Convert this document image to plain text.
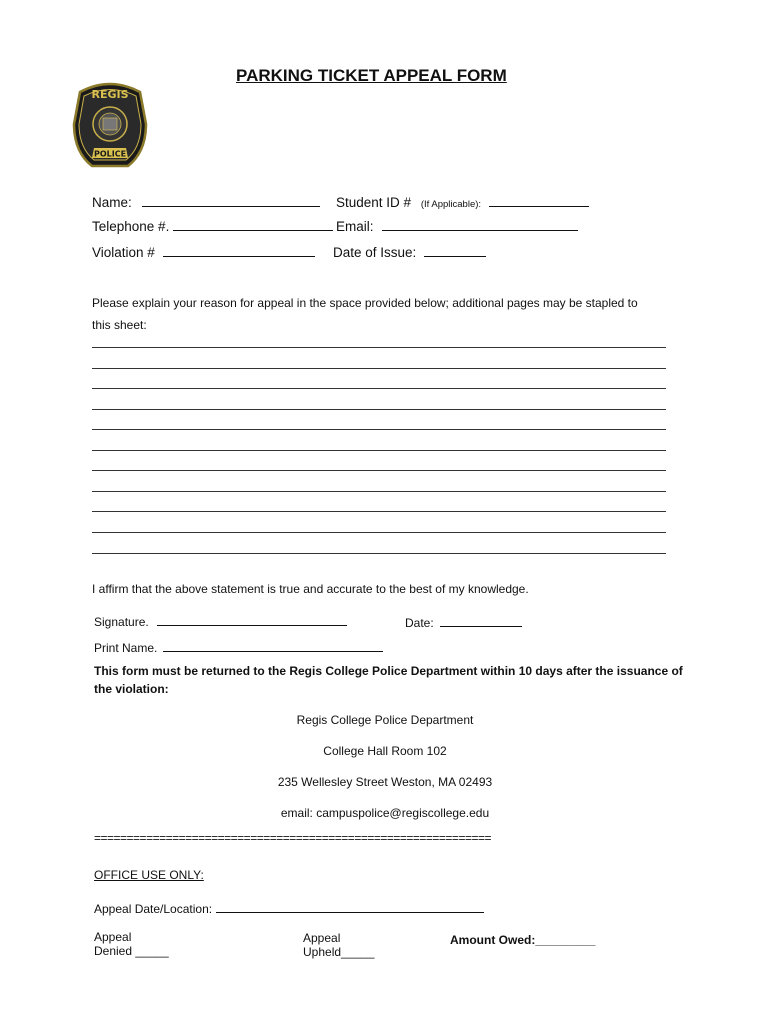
REGIS
POLICE
PARKING TICKET APPEAL FORM
Name:	Student ID # (If Applicable):
Telephone #.	Email:
Violation #	Date of Issue:
Please explain your reason for appeal in the space provided below; additional pages may be stapled to
this sheet:
I affirm that the above statement is true and accurate to the best of my knowledge.
Signature.	Date:
Print Name.
This form must be returned to the Regis College Police Department within 10 days after the issuance of
the violation:
Regis College Police Department
College Hall Room 102
235 Wellesley Street Weston, MA 02493
email: campuspolice@regiscollege.edu
=============================================================
OFFICE USE ONLY:
Appeal Date/Location:
Appeal
Denied _____
Appeal
Upheld_____
Amount Owed:_________
